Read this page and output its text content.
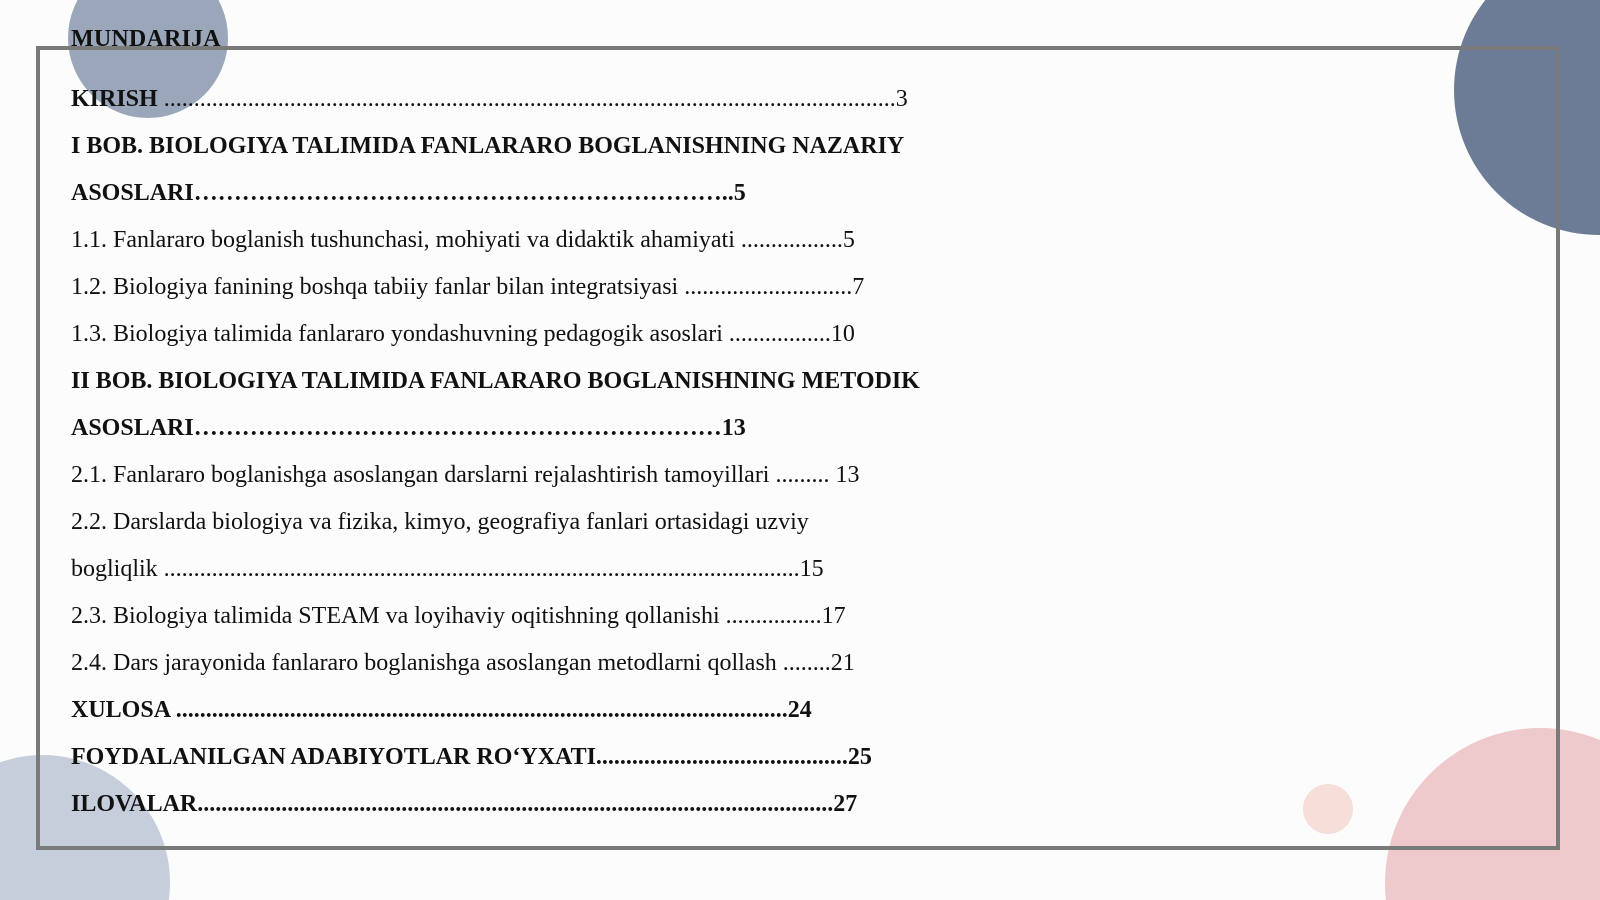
MUNDARIJA
KIRISH ..........................................................................................................................3
I BOB. BIOLOGIYA TALIMIDA FANLARARO BOGLANISHNING NAZARIY
ASOSLARI…………………………………………………………..5
1.1. Fanlararo boglanish tushunchasi, mohiyati va didaktik ahamiyati .................5
1.2. Biologiya fanining boshqa tabiiy fanlar bilan integratsiyasi ............................7
1.3. Biologiya talimida fanlararo yondashuvning pedagogik asoslari .................10
II BOB. BIOLOGIYA TALIMIDA FANLARARO BOGLANISHNING METODIK
ASOSLARI…………………………………………………………13
2.1. Fanlararo boglanishga asoslangan darslarni rejalashtirish tamoyillari ......... 13
2.2. Darslarda biologiya va fizika, kimyo, geografiya fanlari ortasidagi uzviy
bogliqlik ..........................................................................................................15
2.3. Biologiya talimida STEAM va loyihaviy oqitishning qollanishi ................17
2.4. Dars jarayonida fanlararo boglanishga asoslangan metodlarni qollash ........21
XULOSA ......................................................................................................24
FOYDALANILGAN ADABIYOTLAR RO‘YXATI..........................................25
ILOVALAR..........................................................................................................27
